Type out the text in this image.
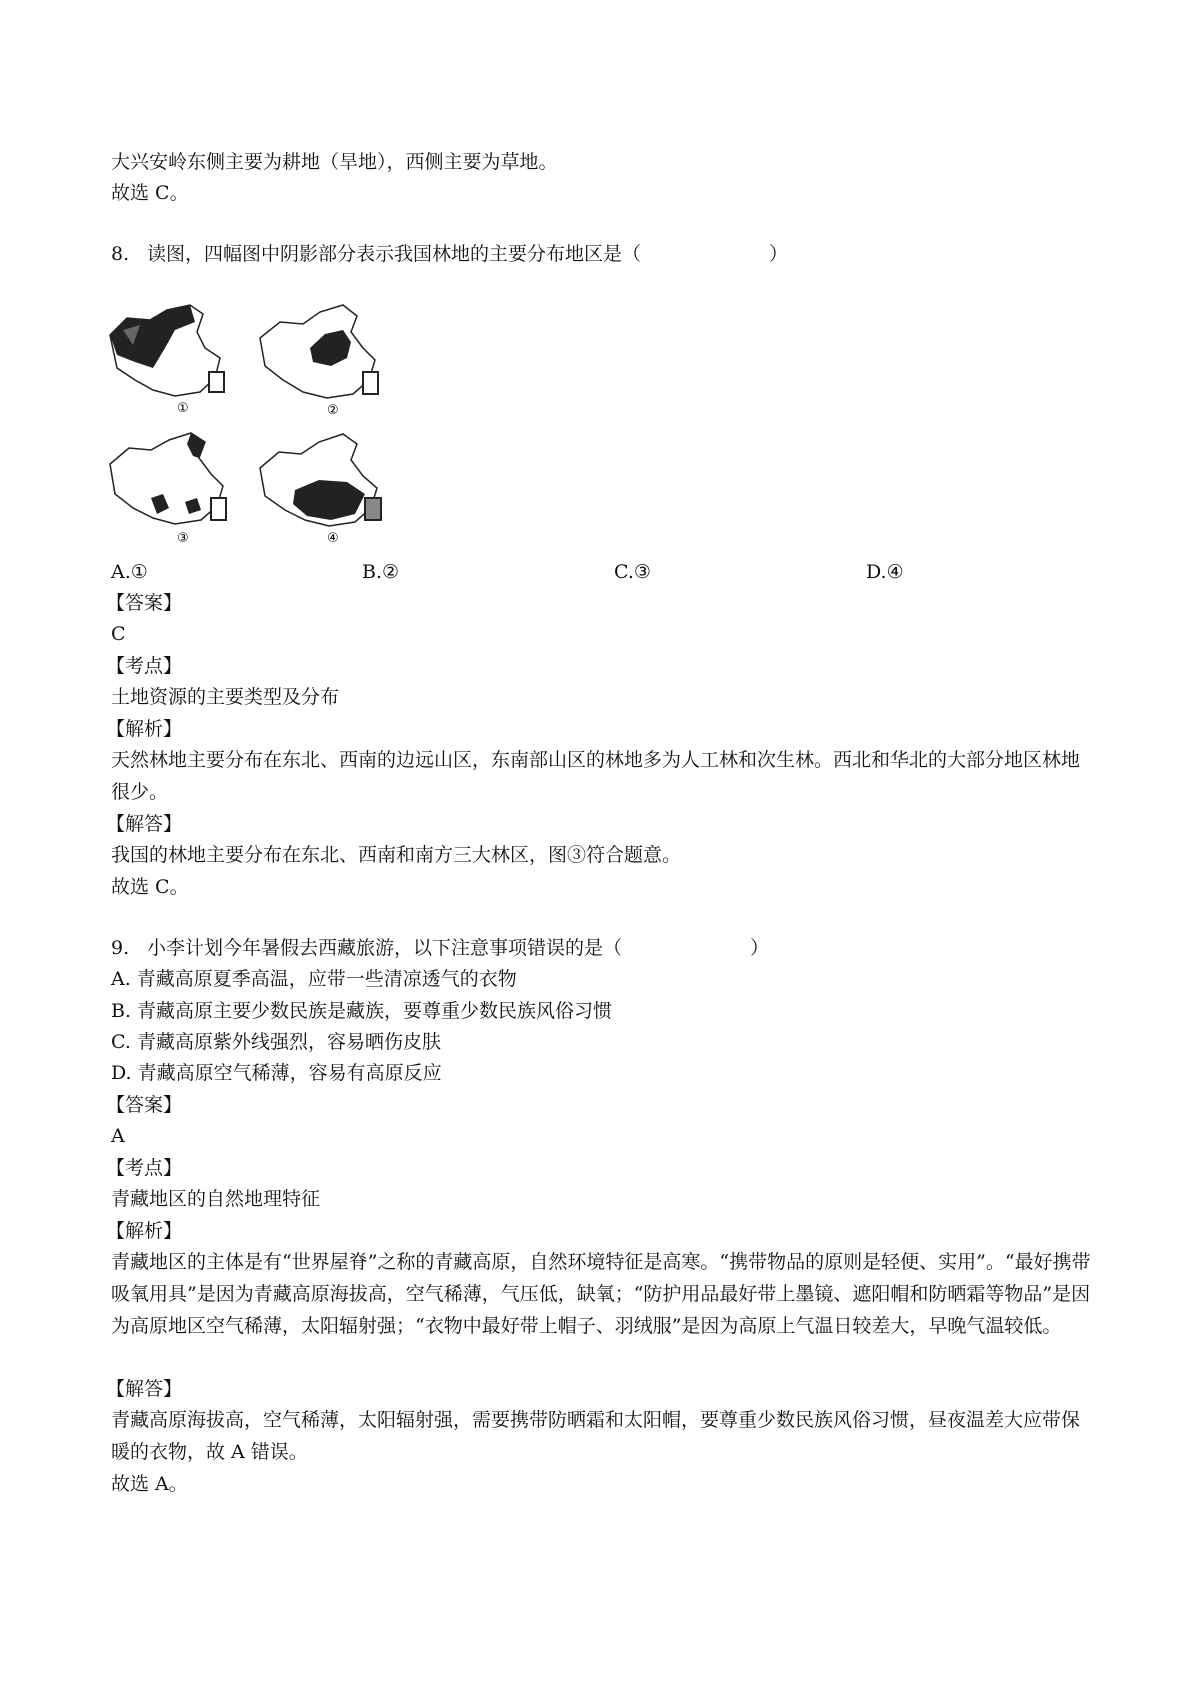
大兴安岭东侧主要为耕地（旱地），西侧主要为草地。
故选 C。
8. 读图，四幅图中阴影部分表示我国林地的主要分布地区是（	）
①	②
③	④
A.①	B.②	C.③	D.④
【答案】
C
【考点】
土地资源的主要类型及分布
【解析】
天然林地主要分布在东北、西南的边远山区，东南部山区的林地多为人工林和次生林。西北和华北的大部分地区林地很少。
【解答】
我国的林地主要分布在东北、西南和南方三大林区，图③符合题意。
故选 C。
9. 小李计划今年暑假去西藏旅游，以下注意事项错误的是（	）
A. 青藏高原夏季高温，应带一些清凉透气的衣物
B. 青藏高原主要少数民族是藏族，要尊重少数民族风俗习惯
C. 青藏高原紫外线强烈，容易晒伤皮肤
D. 青藏高原空气稀薄，容易有高原反应
【答案】
A
【考点】
青藏地区的自然地理特征
【解析】
青藏地区的主体是有“世界屋脊”之称的青藏高原，自然环境特征是高寒。“携带物品的原则是轻便、实用”。“最好携带吸氧用具”是因为青藏高原海拔高，空气稀薄，气压低，缺氧；“防护用品最好带上墨镜、遮阳帽和防晒霜等物品”是因为高原地区空气稀薄，太阳辐射强；“衣物中最好带上帽子、羽绒服”是因为高原上气温日较差大，早晚气温较低。
【解答】
青藏高原海拔高，空气稀薄，太阳辐射强，需要携带防晒霜和太阳帽，要尊重少数民族风俗习惯，昼夜温差大应带保暖的衣物，故 A 错误。
故选 A。
